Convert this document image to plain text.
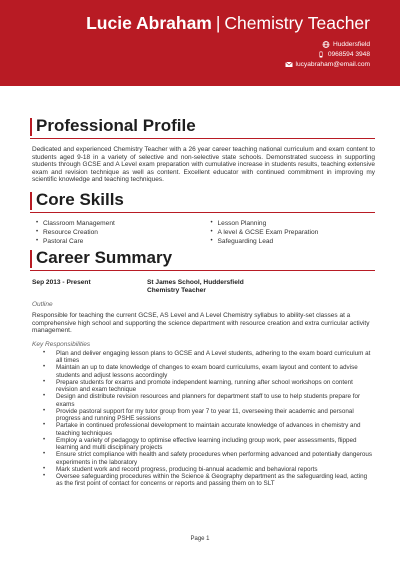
Lucie Abraham | Chemistry Teacher
Huddersfield
0968594 3948
lucyabraham@email.com
Professional Profile
Dedicated and experienced Chemistry Teacher with a 26 year career teaching national curriculum and exam content to students aged 9-18 in a variety of selective and non-selective state schools. Demonstrated success in supporting students through GCSE and A Level exam preparation with cumulative increase in students results, teaching extensive exam and revision technique as well as content. Excellent educator with continued commitment in improving my scientific knowledge and teaching techniques.
Core Skills
• Classroom Management	• Lesson Planning
• Resource Creation	• A level & GCSE Exam Preparation
• Pastoral Care	• Safeguarding Lead
Career Summary
Sep 2013 - Present	St James School, Huddersfield
Chemistry Teacher
Outline
Responsible for teaching the current GCSE, AS Level and A Level Chemistry syllabus to ability-set classes at a comprehensive high school and supporting the science department with resource creation and extra curricular activity management.
Key Responsibilities
• Plan and deliver engaging lesson plans to GCSE and A Level students, adhering to the exam board curriculum at all times
• Maintain an up to date knowledge of changes to exam board curriculums, exam layout and content to advise students and adjust lessons accordingly
• Prepare students for exams and promote independent learning, running after school workshops on content revision and exam technique
• Design and distribute revision resources and planners for department staff to use to help students prepare for exams
• Provide pastoral support for my tutor group from year 7 to year 11, overseeing their academic and personal progress and running PSHE sessions
• Partake in continued professional development to maintain accurate knowledge of advances in chemistry and teaching techniques
• Employ a variety of pedagogy to optimise effective learning including group work, peer assessments, flipped learning and multi disciplinary projects
• Ensure strict compliance with health and safety procedures when performing advanced and potentially dangerous experiments in the laboratory
• Mark student work and record progress, producing bi-annual academic and behavioral reports
• Oversee safeguarding procedures within the Science & Geography department as the safeguarding lead, acting as the first point of contact for concerns or reports and passing them on to SLT
Page 1
